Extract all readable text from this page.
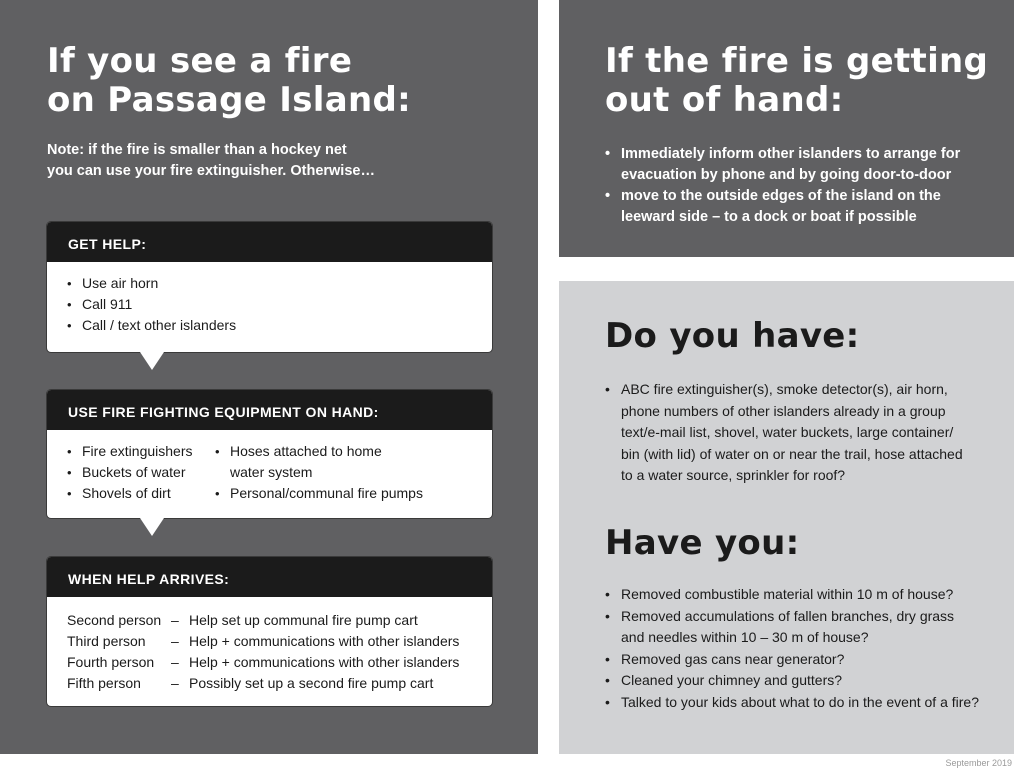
If you see a fire
on Passage Island:

Note: if the fire is smaller than a hockey net
you can use your fire extinguisher. Otherwise…

GET HELP:
• Use air horn
• Call 911
• Call / text other islanders
USE FIRE FIGHTING EQUIPMENT ON HAND:
• Fire extinguishers
• Buckets of water
• Shovels of dirt
• Hoses attached to home water system
• Personal/communal fire pumps
WHEN HELP ARRIVES:
Second person	–	Help set up communal fire pump cart
Third person	–	Help + communications with other islanders
Fourth person	–	Help + communications with other islanders
Fifth person	–	Possibly set up a second fire pump cart
If the fire is getting
out of hand:
• Immediately inform other islanders to arrange for evacuation by phone and by going door-to-door
• move to the outside edges of the island on the leeward side – to a dock or boat if possible
Do you have:
• ABC fire extinguisher(s), smoke detector(s), air horn, phone numbers of other islanders already in a group text/e-mail list, shovel, water buckets, large container/ bin (with lid) of water on or near the trail, hose attached to a water source, sprinkler for roof?
Have you:
• Removed combustible material within 10 m of house?
• Removed accumulations of fallen branches, dry grass and needles within 10 – 30 m of house?
• Removed gas cans near generator?
• Cleaned your chimney and gutters?
• Talked to your kids about what to do in the event of a fire?
September 2019
